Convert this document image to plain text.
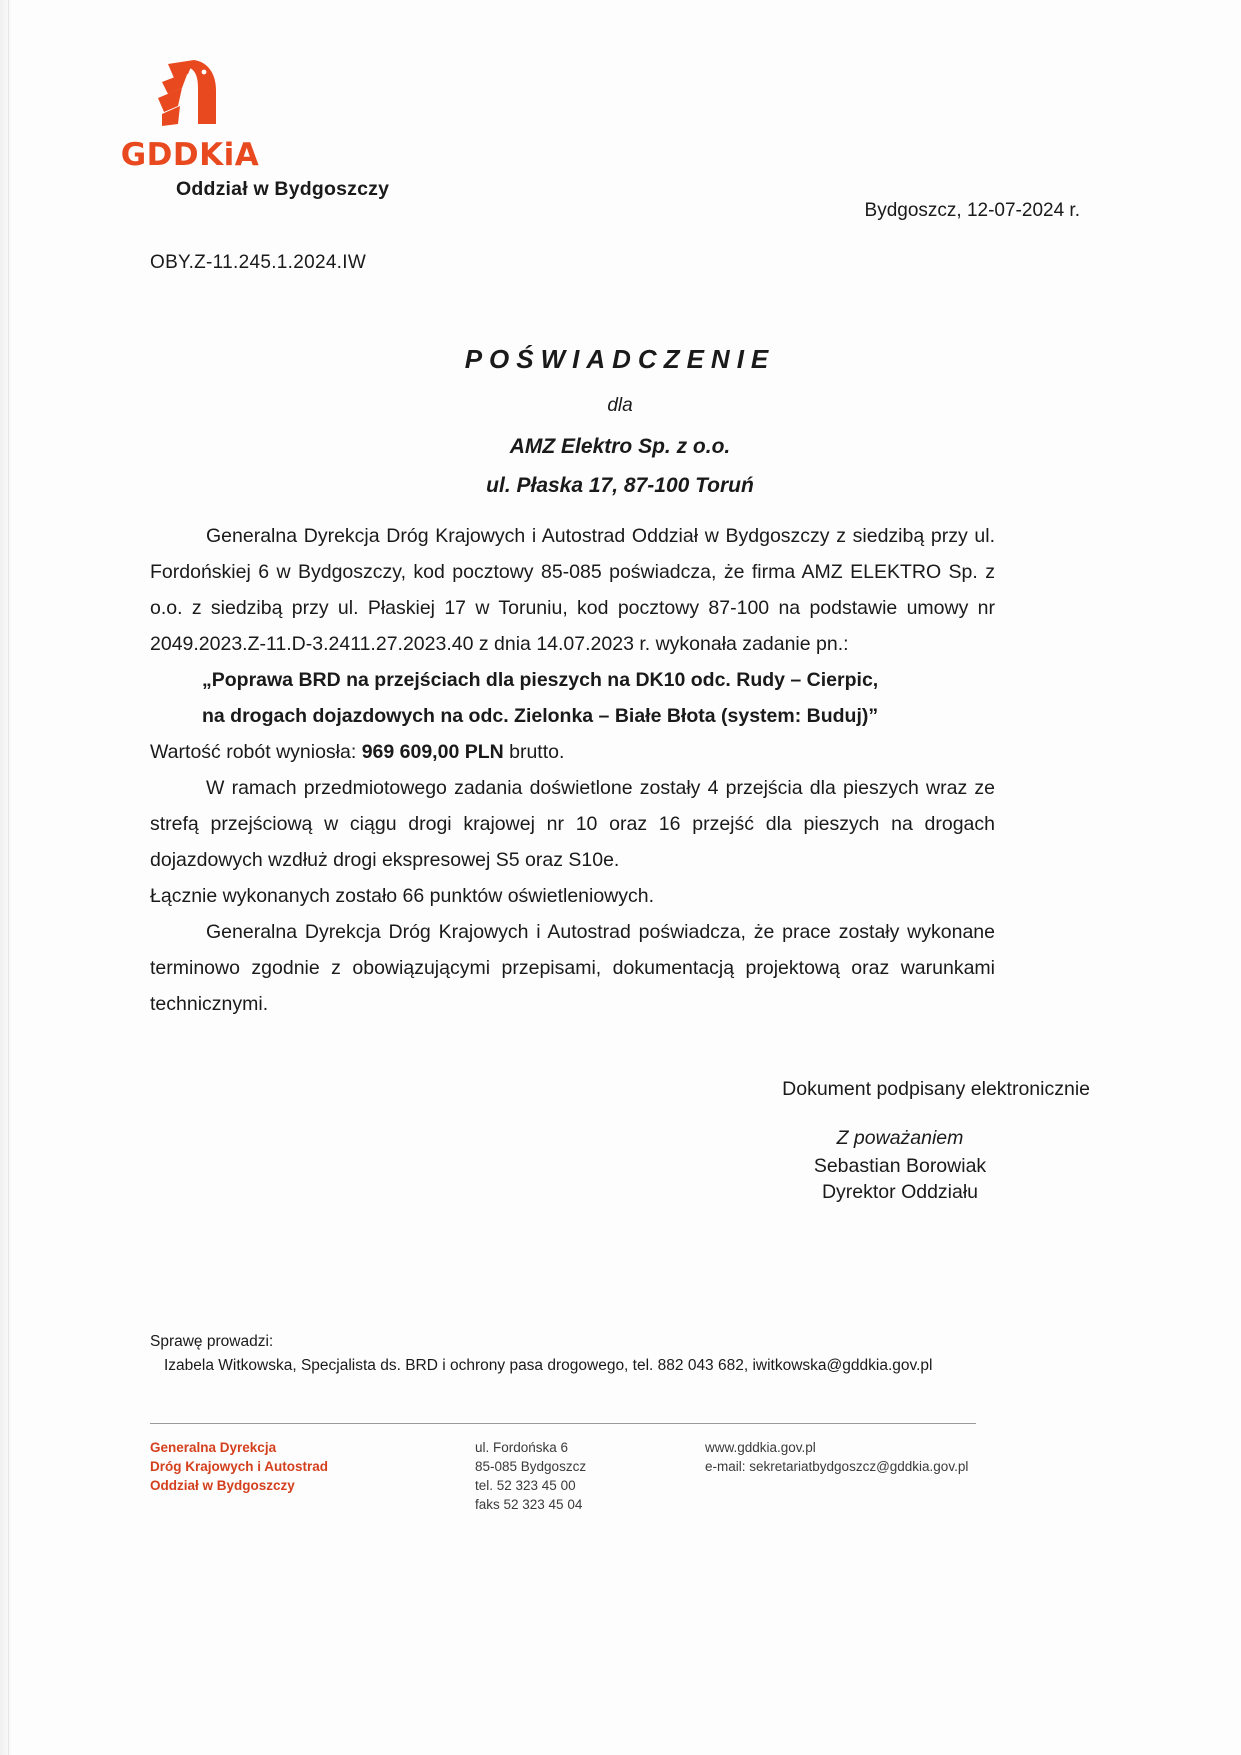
GDDKiA
Oddział w Bydgoszczy
Bydgoszcz, 12-07-2024 r.
OBY.Z-11.245.1.2024.IW
POŚWIADCZENIE
dla
AMZ Elektro Sp. z o.o.
ul. Płaska 17, 87-100 Toruń

Generalna Dyrekcja Dróg Krajowych i Autostrad Oddział w Bydgoszczy z siedzibą przy ul. Fordońskiej 6 w Bydgoszczy, kod pocztowy 85-085 poświadcza, że firma AMZ ELEKTRO Sp. z o.o. z siedzibą przy ul. Płaskiej 17 w Toruniu, kod pocztowy 87-100 na podstawie umowy nr 2049.2023.Z-11.D-3.2411.27.2023.40 z dnia 14.07.2023 r. wykonała zadanie pn.:

„Poprawa BRD na przejściach dla pieszych na DK10 odc. Rudy – Cierpic,

na drogach dojazdowych na odc. Zielonka – Białe Błota (system: Buduj)”

Wartość robót wyniosła: 969 609,00 PLN brutto.

W ramach przedmiotowego zadania doświetlone zostały 4 przejścia dla pieszych wraz ze strefą przejściową w ciągu drogi krajowej nr 10 oraz 16 przejść dla pieszych na drogach dojazdowych wzdłuż drogi ekspresowej S5 oraz S10e.

Łącznie wykonanych zostało 66 punktów oświetleniowych.

Generalna Dyrekcja Dróg Krajowych i Autostrad poświadcza, że prace zostały wykonane terminowo zgodnie z obowiązującymi przepisami, dokumentacją projektową oraz warunkami technicznymi.

Dokument podpisany elektronicznie
Z poważaniem
Sebastian Borowiak
Dyrektor Oddziału
Sprawę prowadzi:
Izabela Witkowska, Specjalista ds. BRD i ochrony pasa drogowego, tel. 882 043 682, iwitkowska@gddkia.gov.pl
Generalna Dyrekcja
Dróg Krajowych i Autostrad
Oddział w Bydgoszczy
ul. Fordońska 6
85-085 Bydgoszcz
tel. 52 323 45 00
faks 52 323 45 04
www.gddkia.gov.pl
e-mail: sekretariatbydgoszcz@gddkia.gov.pl
